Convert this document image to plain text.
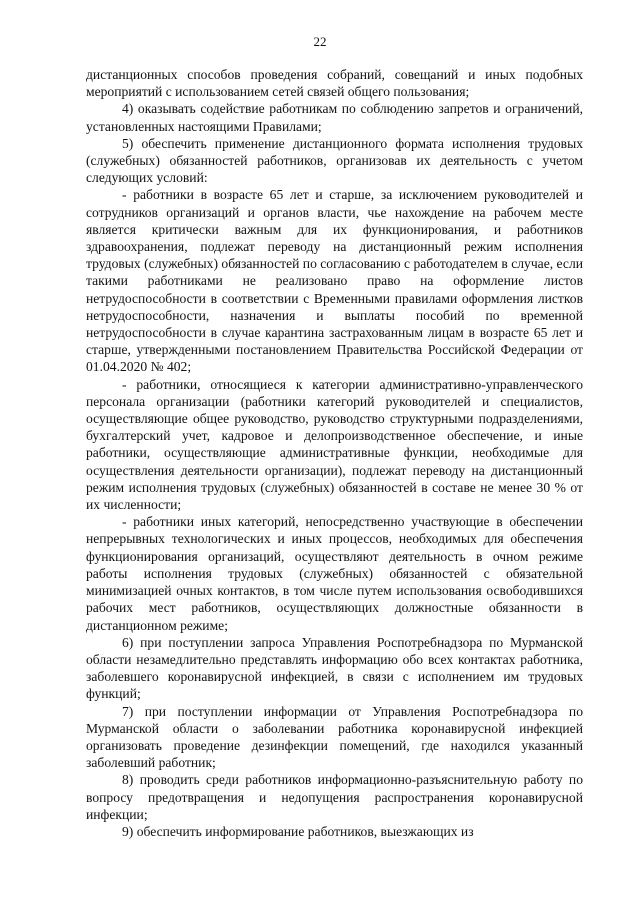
22

дистанционных способов проведения собраний, совещаний и иных подобных мероприятий с использованием сетей связей общего пользования;

4) оказывать содействие работникам по соблюдению запретов и ограничений, установленных настоящими Правилами;

5) обеспечить применение дистанционного формата исполнения трудовых (служебных) обязанностей работников, организовав их деятельность с учетом следующих условий:

- работники в возрасте 65 лет и старше, за исключением руководителей и сотрудников организаций и органов власти, чье нахождение на рабочем месте является критически важным для их функционирования, и работников здравоохранения, подлежат переводу на дистанционный режим исполнения трудовых (служебных) обязанностей по согласованию с работодателем в случае, если такими работниками не реализовано право на оформление листов нетрудоспособности в соответствии с Временными правилами оформления листков нетрудоспособности, назначения и выплаты пособий по временной нетрудоспособности в случае карантина застрахованным лицам в возрасте 65 лет и старше, утвержденными постановлением Правительства Российской Федерации от 01.04.2020 № 402;

- работники, относящиеся к категории административно-управленческого персонала организации (работники категорий руководителей и специалистов, осуществляющие общее руководство, руководство структурными подразделениями, бухгалтерский учет, кадровое и делопроизводственное обеспечение, и иные работники, осуществляющие административные функции, необходимые для осуществления деятельности организации), подлежат переводу на дистанционный режим исполнения трудовых (служебных) обязанностей в составе не менее 30 % от их численности;

- работники иных категорий, непосредственно участвующие в обеспечении непрерывных технологических и иных процессов, необходимых для обеспечения функционирования организаций, осуществляют деятельность в очном режиме работы исполнения трудовых (служебных) обязанностей с обязательной минимизацией очных контактов, в том числе путем использования освободившихся рабочих мест работников, осуществляющих должностные обязанности в дистанционном режиме;

6) при поступлении запроса Управления Роспотребнадзора по Мурманской области незамедлительно представлять информацию обо всех контактах работника, заболевшего коронавирусной инфекцией, в связи с исполнением им трудовых функций;

7) при поступлении информации от Управления Роспотребнадзора по Мурманской области о заболевании работника коронавирусной инфекцией организовать проведение дезинфекции помещений, где находился указанный заболевший работник;

8) проводить среди работников информационно-разъяснительную работу по вопросу предотвращения и недопущения распространения коронавирусной инфекции;

9) обеспечить информирование работников, выезжающих из
